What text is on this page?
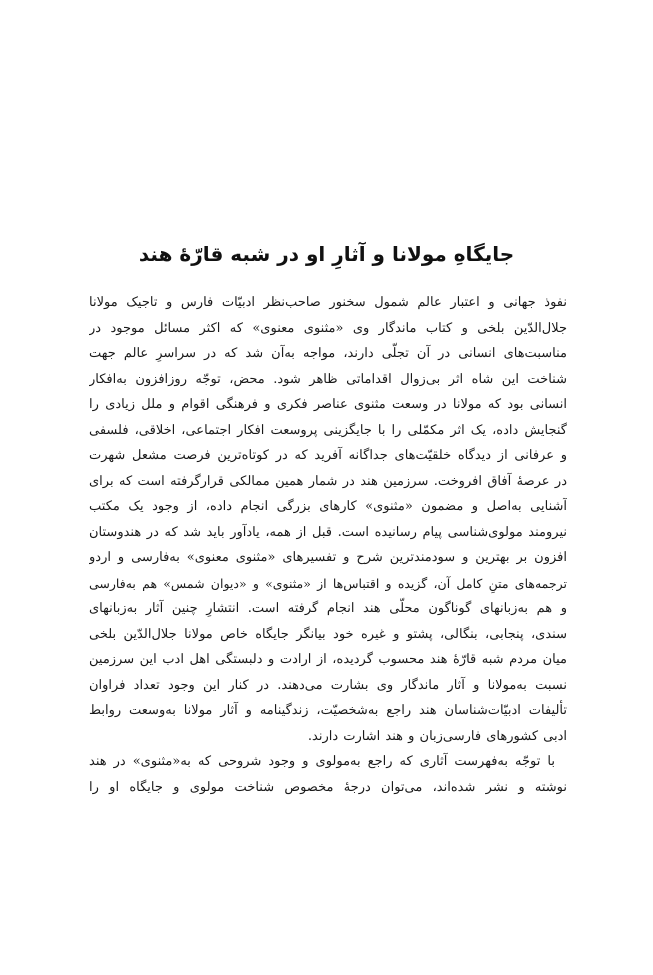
جایگاهِ مولانا و آثارِ او در شبه قارّهٔ هند
نفوذ جهانی و اعتبار عالم شمول سخنور صاحب‌نظر ادبیّات فارس و تاجیک مولانا
جلال‌الدّین بلخی و کتاب ماندگار وی «مثنوی معنوی» که اکثر مسائل موجود در
مناسبت‌های انسانی در آن تجلّی دارند، مواجه به‌آن شد که در سراسرِ عالم جهت
شناخت این شاه اثر بی‌زوال اقداماتی ظاهر شود. محض، توجّه روزافزون به‌افکار
انسانی بود که مولانا در وسعت مثنوی عناصر فکری و فرهنگی اقوام و ملل زیادی را
گنجایش داده، یک اثر مکمّلی را با جایگزینی پروسعت افکار اجتماعی، اخلاقی، فلسفی
و عرفانی از دیدگاه خلقیّت‌های جداگانه آفرید که در کوتاه‌ترین فرصت مشعل شهرت
در عرصهٔ آفاق افروخت. سرزمین هند در شمار همین ممالکی قرارگرفته است که برای
آشنایی به‌اصل و مضمون «مثنوی» کارهای بزرگی انجام داده، از وجود یک مکتب
نیرومند مولوی‌شناسی پیام رسانیده است. قبل از همه، یادآور باید شد که در هندوستان
افزون بر بهترین و سودمندترین شرح و تفسیرهای «مثنوی معنوی» به‌فارسی و اردو
ترجمه‌های متنِ کامل آن، گزیده و اقتباس‌ها از «مثنوی» و «دیوان شمس» هم به‌فارسی
و هم به‌زبانهای گوناگون محلّی هند انجام گرفته است. انتشارِ چنین آثار به‌زبانهای
سندی، پنجابی، بنگالی، پشتو و غیره خود بیانگر جایگاه خاص مولانا جلال‌الدّین بلخی
میان مردم شبه قارّهٔ هند محسوب گردیده، از ارادت و دلبستگی اهل ادب این سرزمین
نسبت به‌مولانا و آثار ماندگار وی بشارت می‌دهند. در کنار این وجود تعداد فراوان
تألیفات ادبیّات‌شناسان هند راجع به‌شخصیّت، زندگینامه و آثار مولانا به‌وسعت روابط
ادبی کشورهای فارسی‌زبان و هند اشارت دارند.
با توجّه به‌فهرست آثاری که راجع به‌مولوی و وجود شروحی که به«مثنوی» در هند
نوشته و نشر شده‌اند، می‌توان درجهٔ مخصوص شناخت مولوی و جایگاه او را
